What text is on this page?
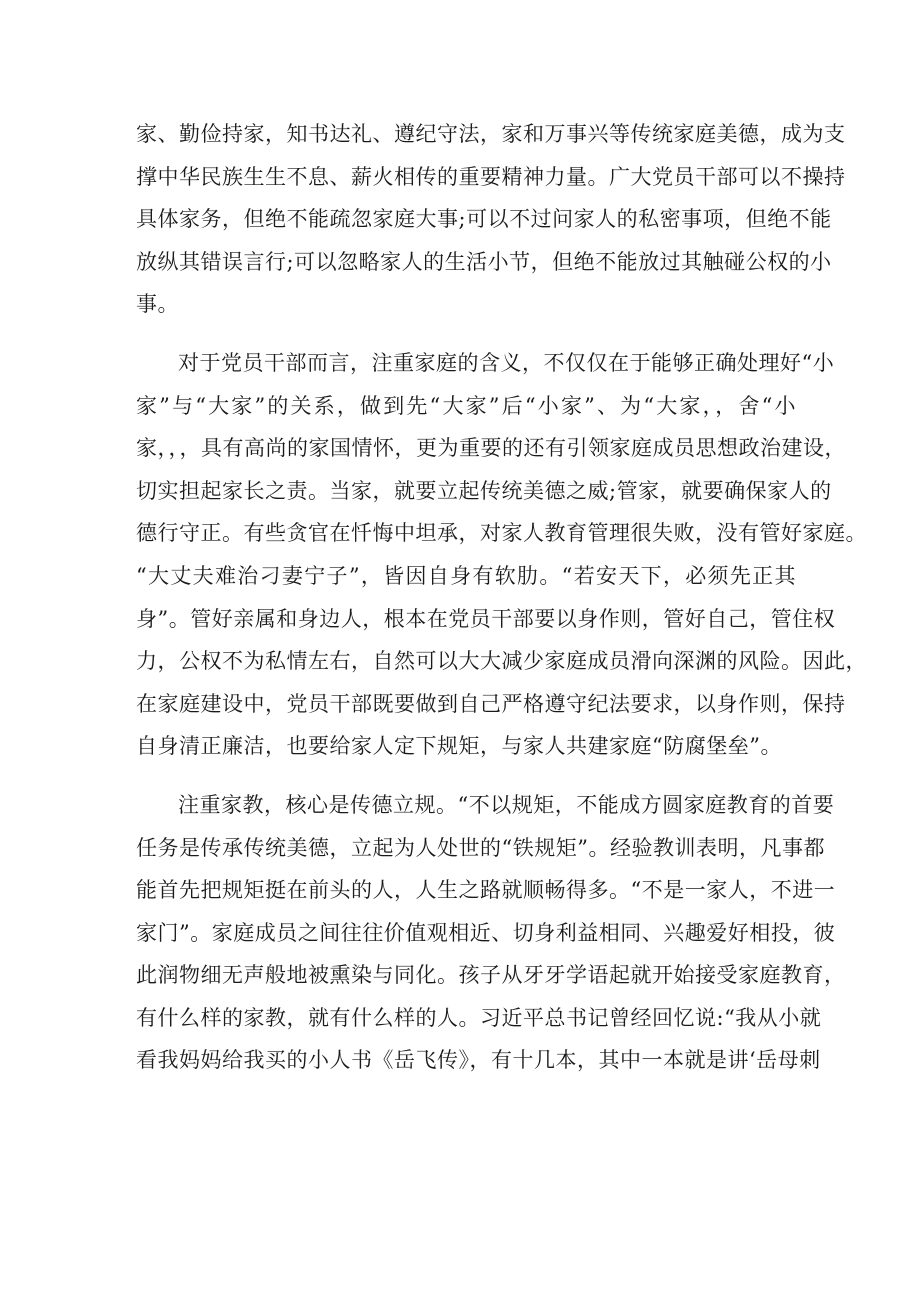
家、勤俭持家，知书达礼、遵纪守法，家和万事兴等传统家庭美德，成为支
撑中华民族生生不息、薪火相传的重要精神力量。广大党员干部可以不操持
具体家务，但绝不能疏忽家庭大事;可以不过问家人的私密事项，但绝不能
放纵其错误言行;可以忽略家人的生活小节，但绝不能放过其触碰公权的小
事。
对于党员干部而言，注重家庭的含义，不仅仅在于能够正确处理好“小
家”与“大家”的关系，做到先“大家”后“小家”、为“大家，，舍“小
家，，，具有高尚的家国情怀，更为重要的还有引领家庭成员思想政治建设，
切实担起家长之责。当家，就要立起传统美德之威;管家，就要确保家人的
德行守正。有些贪官在忏悔中坦承，对家人教育管理很失败，没有管好家庭。
“大丈夫难治刁妻宁子”，皆因自身有软肋。“若安天下，必须先正其
身”。管好亲属和身边人，根本在党员干部要以身作则，管好自己，管住权
力，公权不为私情左右，自然可以大大减少家庭成员滑向深渊的风险。因此，
在家庭建设中，党员干部既要做到自己严格遵守纪法要求，以身作则，保持
自身清正廉洁，也要给家人定下规矩，与家人共建家庭“防腐堡垒”。
注重家教，核心是传德立规。“不以规矩，不能成方圆家庭教育的首要
任务是传承传统美德，立起为人处世的“铁规矩”。经验教训表明，凡事都
能首先把规矩挺在前头的人，人生之路就顺畅得多。“不是一家人，不进一
家门”。家庭成员之间往往价值观相近、切身利益相同、兴趣爱好相投，彼
此润物细无声般地被熏染与同化。孩子从牙牙学语起就开始接受家庭教育，
有什么样的家教，就有什么样的人。习近平总书记曾经回忆说:“我从小就
看我妈妈给我买的小人书《岳飞传》，有十几本，其中一本就是讲‘岳母刺
